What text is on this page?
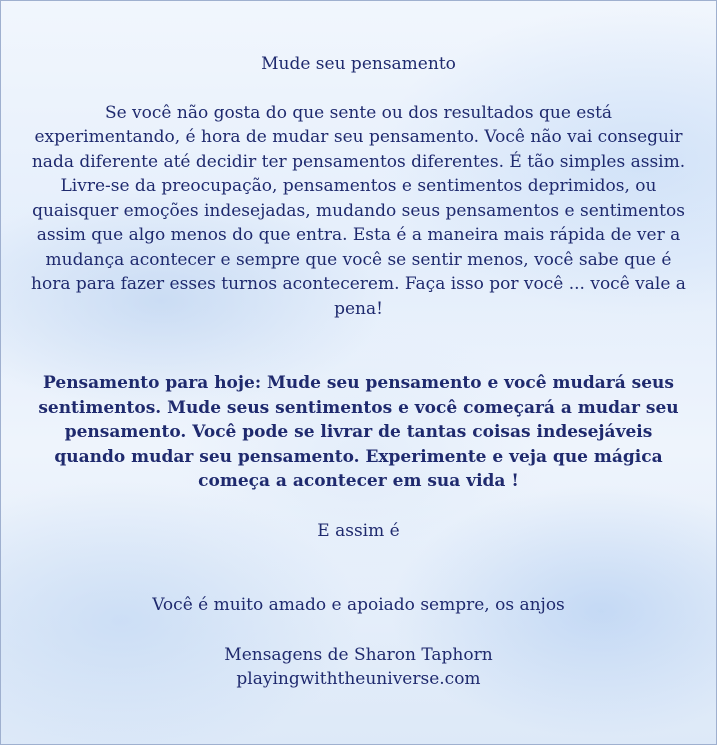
Mude seu pensamento

Se você não gosta do que sente ou dos resultados que está experimentando, é hora de mudar seu pensamento. Você não vai conseguir nada diferente até decidir ter pensamentos diferentes. É tão simples assim. Livre-se da preocupação, pensamentos e sentimentos deprimidos, ou quaisquer emoções indesejadas, mudando seus pensamentos e sentimentos assim que algo menos do que entra. Esta é a maneira mais rápida de ver a mudança acontecer e sempre que você se sentir menos, você sabe que é hora para fazer esses turnos acontecerem. Faça isso por você ... você vale a pena!

Pensamento para hoje: Mude seu pensamento e você mudará seus sentimentos. Mude seus sentimentos e você começará a mudar seu pensamento. Você pode se livrar de tantas coisas indesejáveis quando mudar seu pensamento. Experimente e veja que mágica começa a acontecer em sua vida !

E assim é

Você é muito amado e apoiado sempre, os anjos

Mensagens de Sharon Taphorn

playingwiththeuniverse.com
